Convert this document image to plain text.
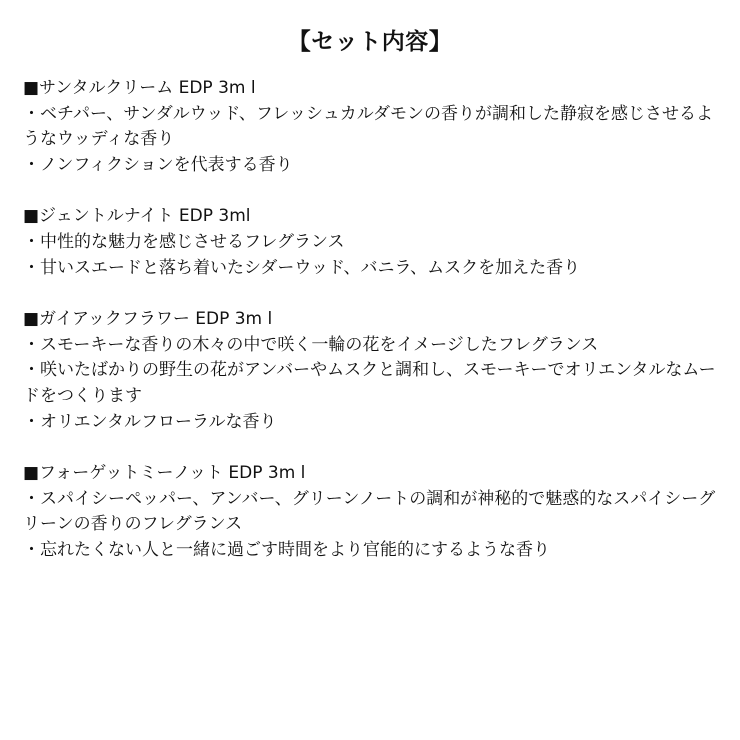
【セット内容】
■サンタルクリーム EDP 3m l
・ベチパー、サンダルウッド、フレッシュカルダモンの香りが調和した静寂を感じさせるようなウッディな香り
・ノンフィクションを代表する香り
■ジェントルナイト EDP 3ml
・中性的な魅力を感じさせるフレグランス
・甘いスエードと落ち着いたシダーウッド、バニラ、ムスクを加えた香り
■ガイアックフラワー EDP 3m l
・スモーキーな香りの木々の中で咲く一輪の花をイメージしたフレグランス
・咲いたばかりの野生の花がアンバーやムスクと調和し、スモーキーでオリエンタルなムードをつくります
・オリエンタルフローラルな香り
■フォーゲットミーノット EDP 3m l
・スパイシーペッパー、アンバー、グリーンノートの調和が神秘的で魅惑的なスパイシーグリーンの香りのフレグランス
・忘れたくない人と一緒に過ごす時間をより官能的にするような香り
